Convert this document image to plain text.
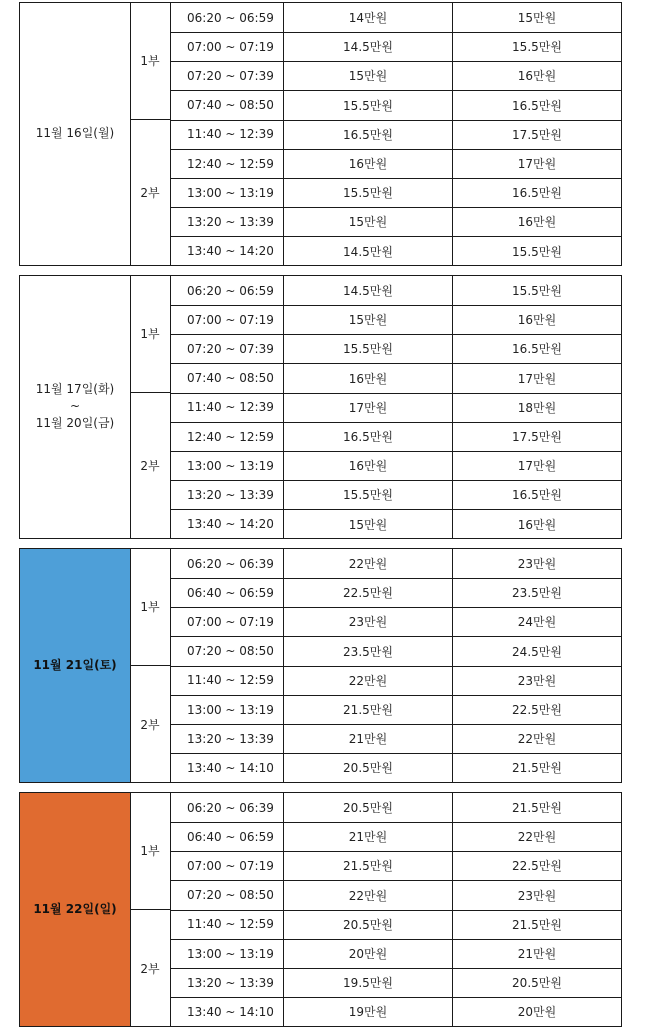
11월 16일(월)
1부
06:20 ~ 06:59	14만원	15만원
07:00 ~ 07:19	14.5만원	15.5만원
07:20 ~ 07:39	15만원	16만원
07:40 ~ 08:50	15.5만원	16.5만원
2부
11:40 ~ 12:39	16.5만원	17.5만원
12:40 ~ 12:59	16만원	17만원
13:00 ~ 13:19	15.5만원	16.5만원
13:20 ~ 13:39	15만원	16만원
13:40 ~ 14:20	14.5만원	15.5만원
11월 17일(화)
~
11월 20일(금)
1부
06:20 ~ 06:59	14.5만원	15.5만원
07:00 ~ 07:19	15만원	16만원
07:20 ~ 07:39	15.5만원	16.5만원
07:40 ~ 08:50	16만원	17만원
2부
11:40 ~ 12:39	17만원	18만원
12:40 ~ 12:59	16.5만원	17.5만원
13:00 ~ 13:19	16만원	17만원
13:20 ~ 13:39	15.5만원	16.5만원
13:40 ~ 14:20	15만원	16만원
11월 21일(토)
1부
06:20 ~ 06:39	22만원	23만원
06:40 ~ 06:59	22.5만원	23.5만원
07:00 ~ 07:19	23만원	24만원
07:20 ~ 08:50	23.5만원	24.5만원
2부
11:40 ~ 12:59	22만원	23만원
13:00 ~ 13:19	21.5만원	22.5만원
13:20 ~ 13:39	21만원	22만원
13:40 ~ 14:10	20.5만원	21.5만원
11월 22일(일)
1부
06:20 ~ 06:39	20.5만원	21.5만원
06:40 ~ 06:59	21만원	22만원
07:00 ~ 07:19	21.5만원	22.5만원
07:20 ~ 08:50	22만원	23만원
2부
11:40 ~ 12:59	20.5만원	21.5만원
13:00 ~ 13:19	20만원	21만원
13:20 ~ 13:39	19.5만원	20.5만원
13:40 ~ 14:10	19만원	20만원
